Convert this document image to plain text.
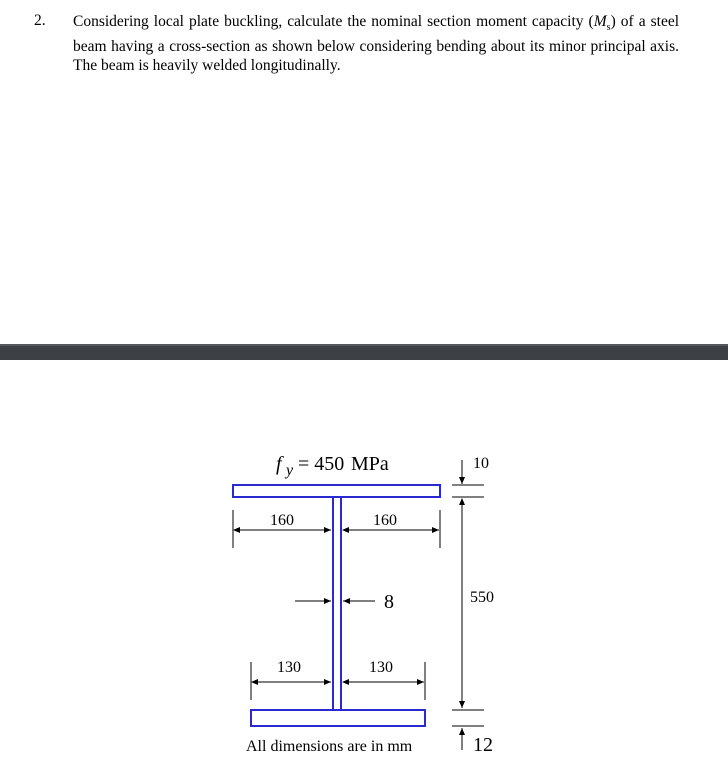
2. Considering local plate buckling, calculate the nominal section moment capacity $(M_s)$ of a steel beam having a cross-section as shown below considering bending about its minor principal axis. The beam is heavily welded longitudinally.
f y = 450 MPa
160	160
8
130	130
10
550
12
All dimensions are in mm
